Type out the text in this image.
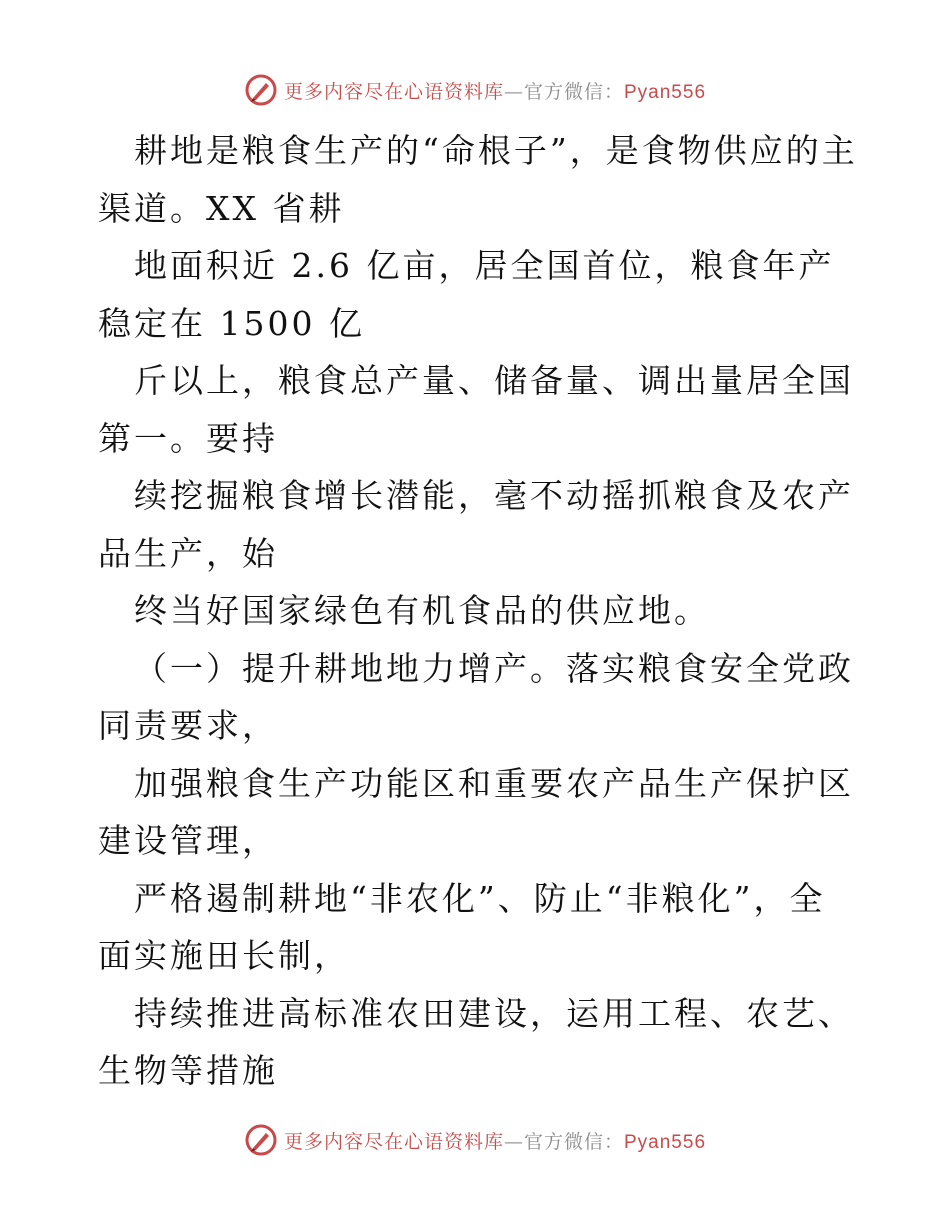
更多内容尽在心语资料库—官方微信：Pyan556

耕地是粮食生产的“命根子”，是食物供应的主渠道。XX 省耕

地面积近 2.6 亿亩，居全国首位，粮食年产稳定在 1500 亿

斤以上，粮食总产量、储备量、调出量居全国第一。要持

续挖掘粮食增长潜能，毫不动摇抓粮食及农产品生产，始

终当好国家绿色有机食品的供应地。

（一）提升耕地地力增产。落实粮食安全党政同责要求，

加强粮食生产功能区和重要农产品生产保护区建设管理，

严格遏制耕地“非农化”、防止“非粮化”，全面实施田长制，

持续推进高标准农田建设，运用工程、农艺、生物等措施

更多内容尽在心语资料库—官方微信：Pyan556
